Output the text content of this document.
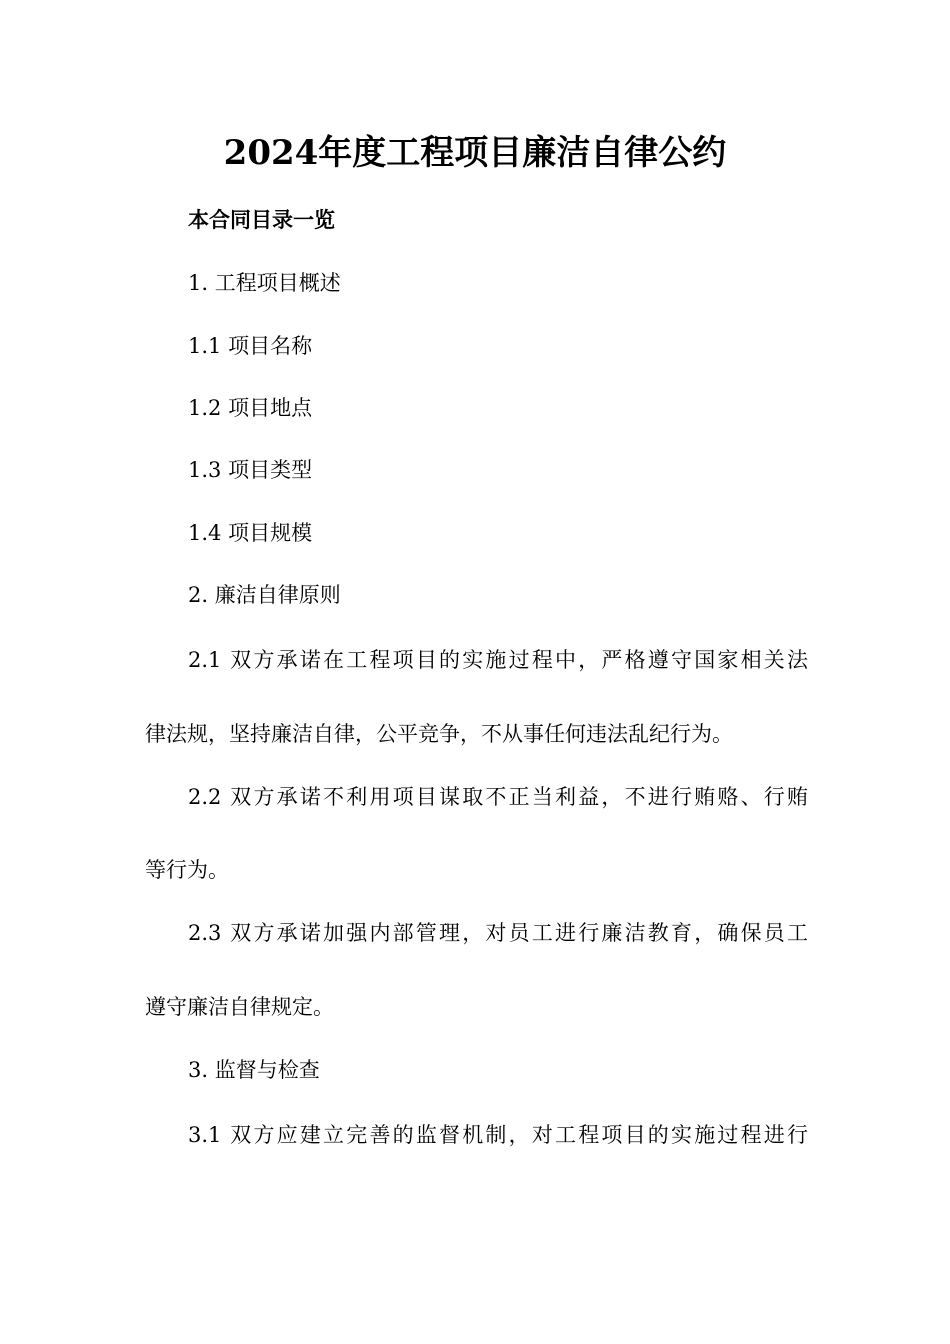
2024年度工程项目廉洁自律公约
本合同目录一览
1. 工程项目概述
1.1 项目名称
1.2 项目地点
1.3 项目类型
1.4 项目规模
2. 廉洁自律原则
2.1 双方承诺在工程项目的实施过程中，严格遵守国家相关法
律法规，坚持廉洁自律，公平竞争，不从事任何违法乱纪行为。
2.2 双方承诺不利用项目谋取不正当利益，不进行贿赂、行贿
等行为。
2.3 双方承诺加强内部管理，对员工进行廉洁教育，确保员工
遵守廉洁自律规定。
3. 监督与检查
3.1 双方应建立完善的监督机制，对工程项目的实施过程进行
